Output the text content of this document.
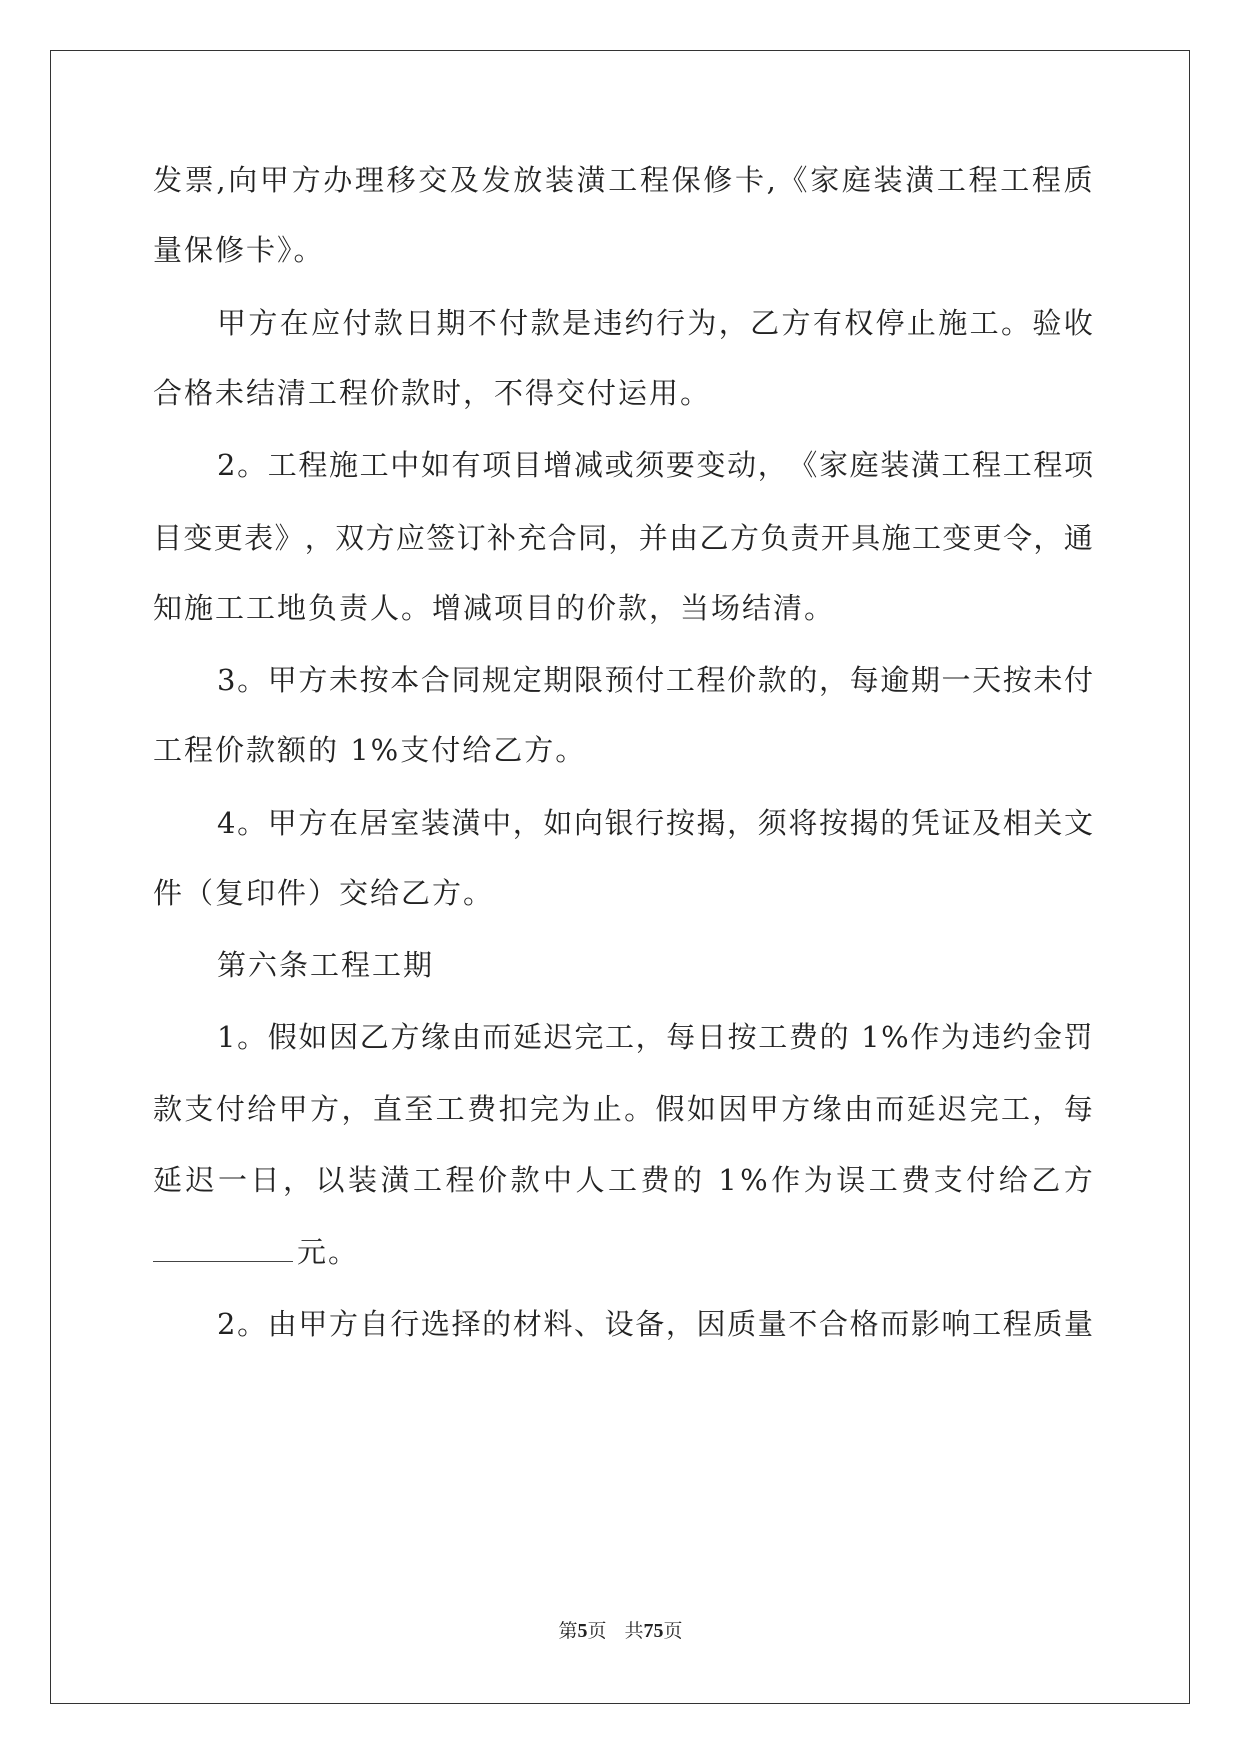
发 票 , 向 甲 方 办 理 移 交 及 发 放 装 潢 工 程 保 修 卡 , 《 家 庭 装 潢 工 程 工 程 质
量保修卡》。
甲 方 在 应 付 款 日 期 不 付 款 是 违 约 行 为 ， 乙 方 有 权 停 止 施 工 。 验 收
合格未结清工程价款时，不得交付运用。
2 。 工 程 施 工 中 如 有 项 目 增 减 或 须 要 变 动 ， 《 家 庭 装 潢 工 程 工 程 项
目 变 更 表 》 ， 双 方 应 签 订 补 充 合 同 ， 并 由 乙 方 负 责 开 具 施 工 变 更 令 ， 通
知施工工地负责人。增减项目的价款，当场结清。
3 。 甲 方 未 按 本 合 同 规 定 期 限 预 付 工 程 价 款 的 ， 每 逾 期 一 天 按 未 付
工程价款额的 1%支付给乙方。
4 。 甲 方 在 居 室 装 潢 中 ， 如 向 银 行 按 揭 ， 须 将 按 揭 的 凭 证 及 相 关 文
件（复印件）交给乙方。
第六条工程工期
1 。 假 如 因 乙 方 缘 由 而 延 迟 完 工 ， 每 日 按 工 费 的
1 % 作 为 违 约 金 罚
款 支 付 给 甲 方 ， 直 至 工 费 扣 完 为 止 。 假 如 因 甲 方 缘 由 而 延 迟 完 工 ， 每
延 迟 一 日 ， 以 装 潢 工 程 价 款 中 人 工 费 的
1 % 作 为 误 工 费 支 付 给 乙 方
元。
2 。 由 甲 方 自 行 选 择 的 材 料 、 设 备 ， 因 质 量 不 合 格 而 影 响 工 程 质 量
第5页 共75页
